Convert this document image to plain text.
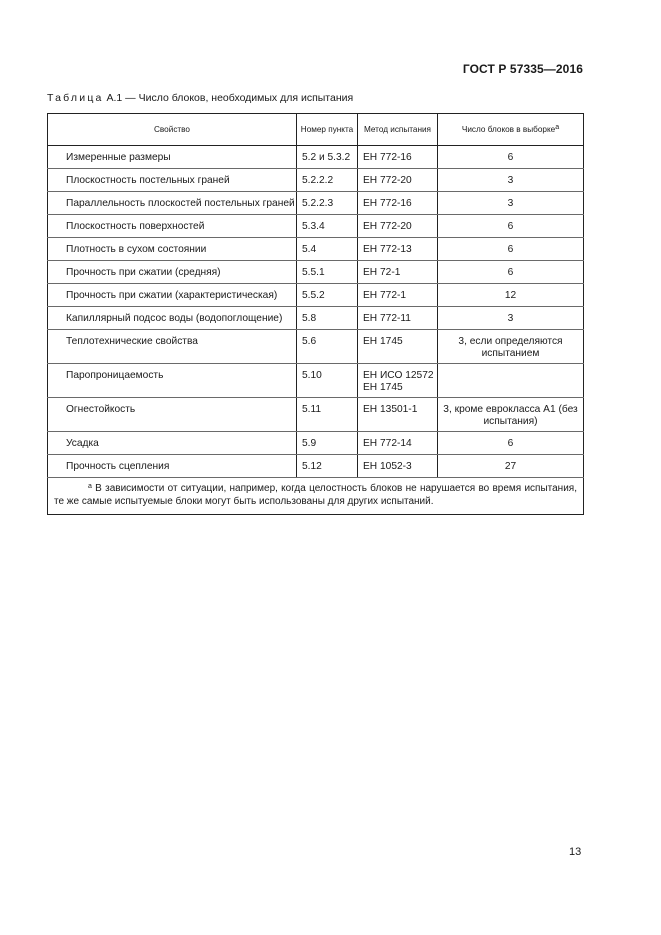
ГОСТ Р 57335—2016
Таблица А.1 — Число блоков, необходимых для испытания
Свойство	Номер пункта	Метод испытания	Число блоков в выборке$^a$

Измеренные размеры	5.2 и 5.3.2	ЕН 772-16	6

Плоскостность постельных граней	5.2.2.2	ЕН 772-20	3

Параллельность плоскостей постельных граней	5.2.2.3	ЕН 772-16	3

Плоскостность поверхностей	5.3.4	ЕН 772-20	6

Плотность в сухом состоянии	5.4	ЕН 772-13	6

Прочность при сжатии (средняя)	5.5.1	ЕН 72-1	6

Прочность при сжатии (характеристическая)	5.5.2	ЕН 772-1	12

Капиллярный подсос воды (водопоглощение)	5.8	ЕН 772-11	3

Теплотехнические свойства	5.6	ЕН 1745	3, если определяются испытанием

Паропроницаемость	5.10	ЕН ИСО 12572 ЕН 1745	

Огнестойкость	5.11	ЕН 13501-1	3, кроме еврокласса А1 (без испытания)

Усадка	5.9	ЕН 772-14	6

Прочность сцепления	5.12	ЕН 1052-3	27

$^a$ В зависимости от ситуации, например, когда целостность блоков не нарушается во время испытания, те же самые испытуемые блоки могут быть использованы для других испытаний.			
13
